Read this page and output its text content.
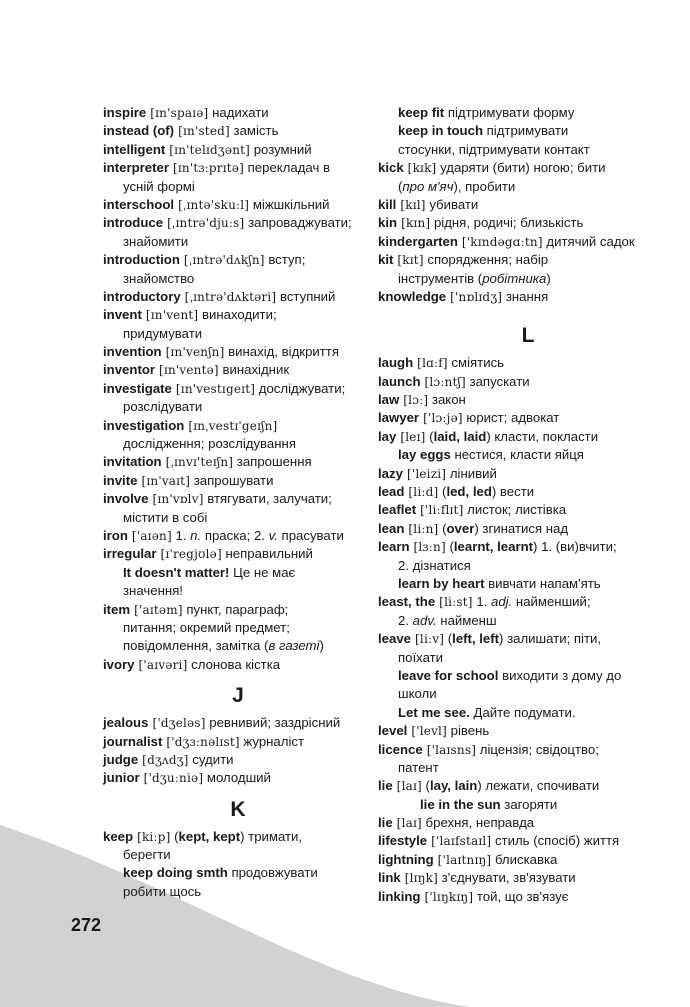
inspire [ɪn'spaɪə] надихати
instead (of) [ɪn'sted] замість
intelligent [ɪn'telɪdʒənt] розумний
interpreter [ɪn'tɜːprɪtə] перекладач в
усній формі
interschool [ˌɪntə'skuːl] міжшкільний
introduce [ˌɪntrə'djuːs] запроваджувати;
знайомити
introduction [ˌɪntrə'dʌkʃn] вступ;
знайомство
introductory [ˌɪntrə'dʌktəri] вступний
invent [ɪn'vent] винаходити;
придумувати
invention [ɪn'venʃn] винахід, відкриття
inventor [ɪn'ventə] винахідник
investigate [ɪn'vestɪgeɪt] досліджувати;
розслідувати
investigation [ɪnˌvestɪ'geɪʃn]
дослідження; розслідування
invitation [ˌɪnvɪ'teɪʃn] запрошення
invite [ɪn'vaɪt] запрошувати
involve [ɪn'vɒlv] втягувати, залучати;
містити в собі
iron ['aɪən] 1. n. праска; 2. v. прасувати
irregular [ɪ'regjʊlə] неправильний
It doesn't matter! Це не має
значення!
item ['aɪtəm] пункт, параграф;
питання; окремий предмет;
повідомлення, замітка (в газеті)
ivory ['aɪvəri] слонова кістка
J
jealous ['dʒeləs] ревнивий; заздрісний
journalist ['dʒɜːnəlɪst] журналіст
judge [dʒʌdʒ] судити
junior ['dʒuːniə] молодший
K
keep [kiːp] (kept, kept) тримати,
берегти
keep doing smth продовжувати
робити щось
keep fit підтримувати форму
keep in touch підтримувати
стосунки, підтримувати контакт
kick [kɪk] ударяти (бити) ногою; бити
(про м'яч), пробити
kill [kɪl] убивати
kin [kɪn] рідня, родичі; близькість
kindergarten ['kɪndəgɑːtn] дитячий садок
kit [kɪt] спорядження; набір
інструментів (робітника)
knowledge ['nɒlɪdʒ] знання
L
laugh [lɑːf] сміятись
launch [lɔːntʃ] запускати
law [lɔː] закон
lawyer ['lɔːjə] юрист; адвокат
lay [leɪ] (laid, laid) класти, покласти
lay eggs нестися, класти яйця
lazy ['leizi] лінивий
lead [liːd] (led, led) вести
leaflet ['liːflɪt] листок; листівка
lean [liːn] (over) згинатися над
learn [lɜːn] (learnt, learnt) 1. (ви)вчити;
2. дізнатися
learn by heart вивчати напам'ять
least, the [liːst] 1. adj. найменший;
2. adv. найменш
leave [liːv] (left, left) залишати; піти,
поїхати
leave for school виходити з дому до
школи
Let me see. Дайте подумати.
level ['levl] рівень
licence ['laɪsns] ліцензія; свідоцтво;
патент
lie [laɪ] (lay, lain) лежати, спочивати
lie in the sun загоряти
lie [laɪ] брехня, неправда
lifestyle ['laɪfstaɪl] стиль (спосіб) життя
lightning ['laɪtnɪŋ] блискавка
link [lɪŋk] з'єднувати, зв'язувати
linking ['lɪŋkɪŋ] той, що зв'язує
272
